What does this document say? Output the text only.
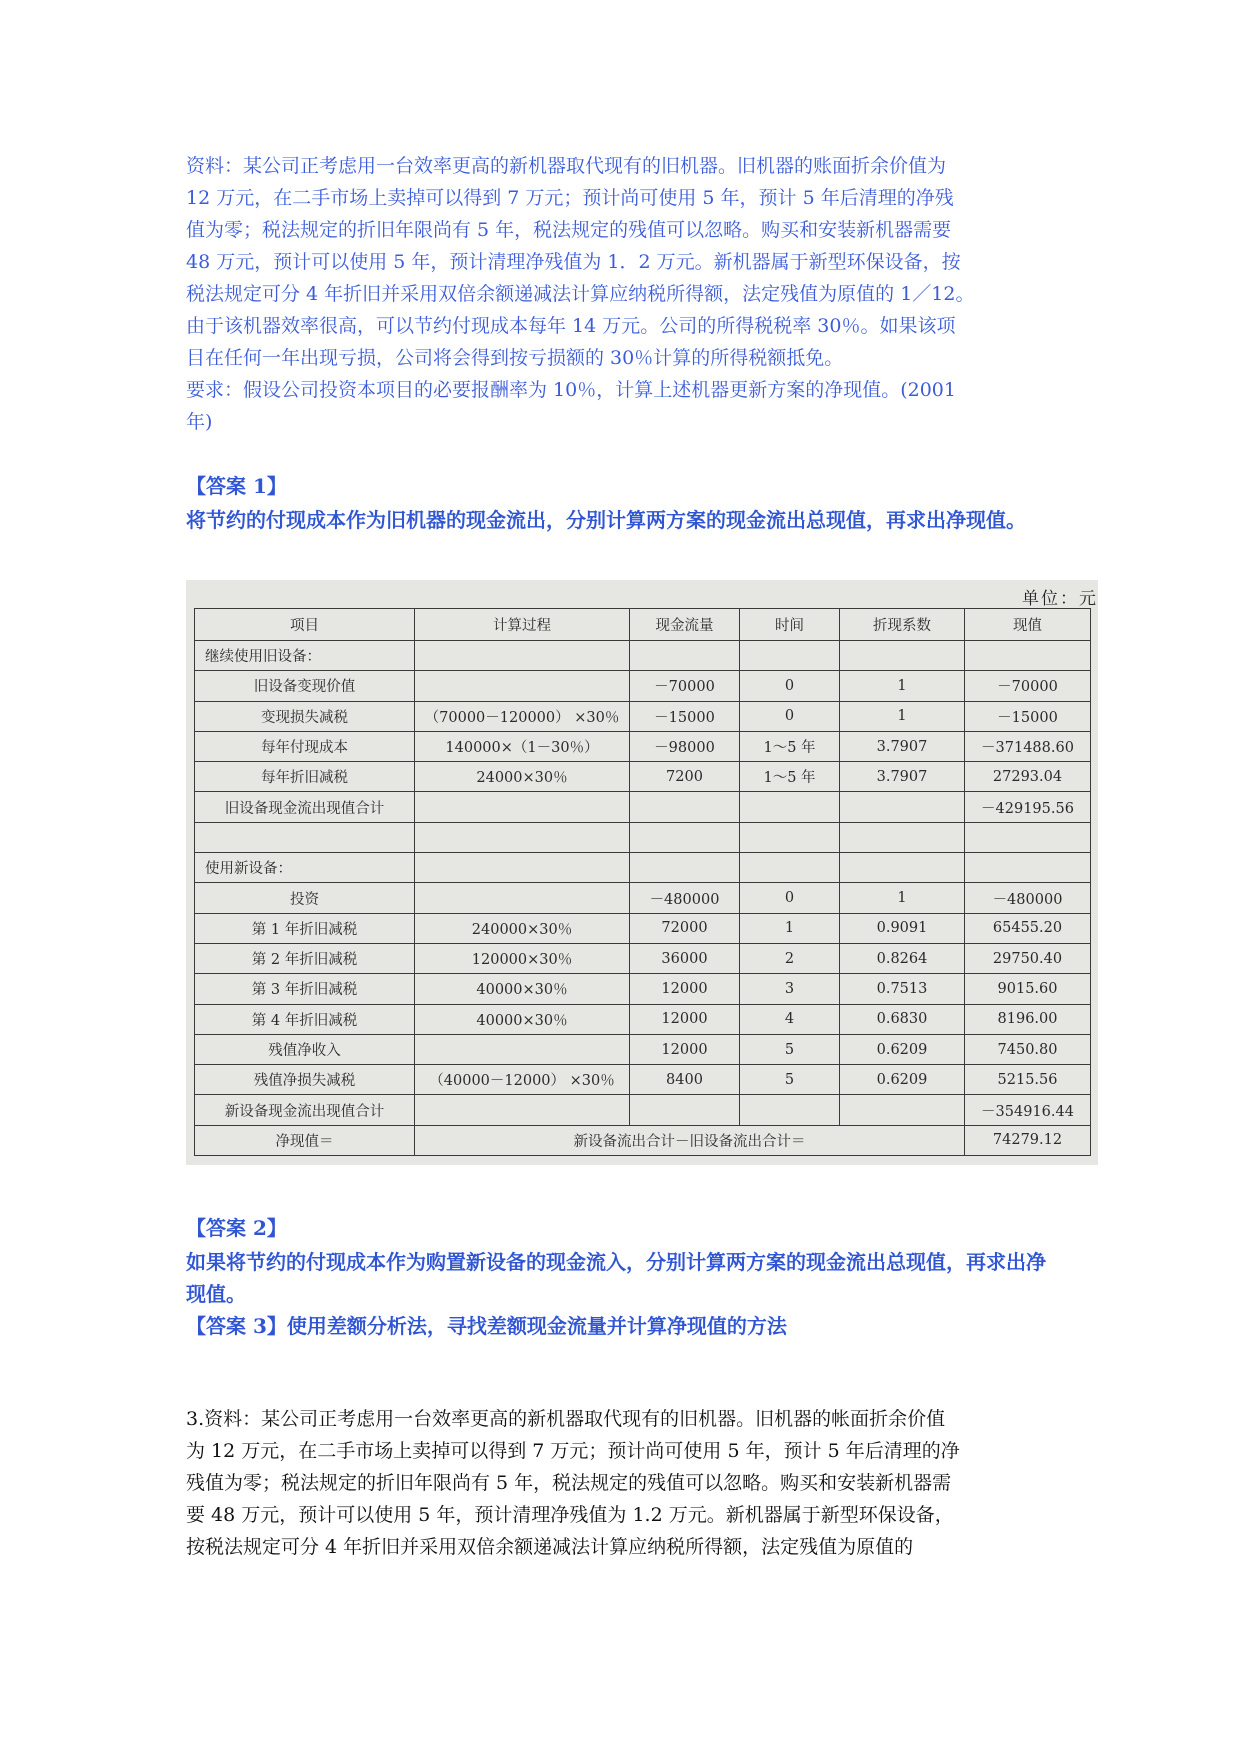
资料：某公司正考虑用一台效率更高的新机器取代现有的旧机器。旧机器的账面折余价值为

12 万元，在二手市场上卖掉可以得到 7 万元；预计尚可使用 5 年，预计 5 年后清理的净残

值为零；税法规定的折旧年限尚有 5 年，税法规定的残值可以忽略。购买和安装新机器需要

48 万元，预计可以使用 5 年，预计清理净残值为 1．2 万元。新机器属于新型环保设备，按

税法规定可分 4 年折旧并采用双倍余额递减法计算应纳税所得额，法定残值为原值的 1／12。

由于该机器效率很高，可以节约付现成本每年 14 万元。公司的所得税税率 30％。如果该项

目在任何一年出现亏损，公司将会得到按亏损额的 30％计算的所得税额抵免。

要求：假设公司投资本项目的必要报酬率为 10％，计算上述机器更新方案的净现值。(2001

年)

【答案 1】

将节约的付现成本作为旧机器的现金流出，分别计算两方案的现金流出总现值，再求出净现值。

单位：元
项目	计算过程	现金流量	时间	折现系数	现值
继续使用旧设备：					
旧设备变现价值		－70000	0	1	－70000
变现损失减税	（70000－120000） ×30％	－15000	0	1	－15000
每年付现成本	140000×（1－30％）	－98000	1～5 年	3.7907	－371488.60
每年折旧减税	24000×30％	7200	1～5 年	3.7907	27293.04
旧设备现金流出现值合计					－429195.56

使用新设备：					
投资		－480000	0	1	－480000
第 1 年折旧减税	240000×30％	72000	1	0.9091	65455.20
第 2 年折旧减税	120000×30％	36000	2	0.8264	29750.40
第 3 年折旧减税	40000×30％	12000	3	0.7513	9015.60
第 4 年折旧减税	40000×30％	12000	4	0.6830	8196.00
残值净收入		12000	5	0.6209	7450.80
残值净损失减税	（40000－12000） ×30％	8400	5	0.6209	5215.56
新设备现金流出现值合计					－354916.44
净现值＝	新设备流出合计－旧设备流出合计＝				74279.12

【答案 2】

如果将节约的付现成本作为购置新设备的现金流入，分别计算两方案的现金流出总现值，再求出净现值。

【答案 3】使用差额分析法，寻找差额现金流量并计算净现值的方法

3.资料：某公司正考虑用一台效率更高的新机器取代现有的旧机器。旧机器的帐面折余价值

为 12 万元，在二手市场上卖掉可以得到 7 万元；预计尚可使用 5 年，预计 5 年后清理的净

残值为零；税法规定的折旧年限尚有 5 年，税法规定的残值可以忽略。购买和安装新机器需

要 48 万元，预计可以使用 5 年，预计清理净残值为 1.2 万元。新机器属于新型环保设备，

按税法规定可分 4 年折旧并采用双倍余额递减法计算应纳税所得额，法定残值为原值的
